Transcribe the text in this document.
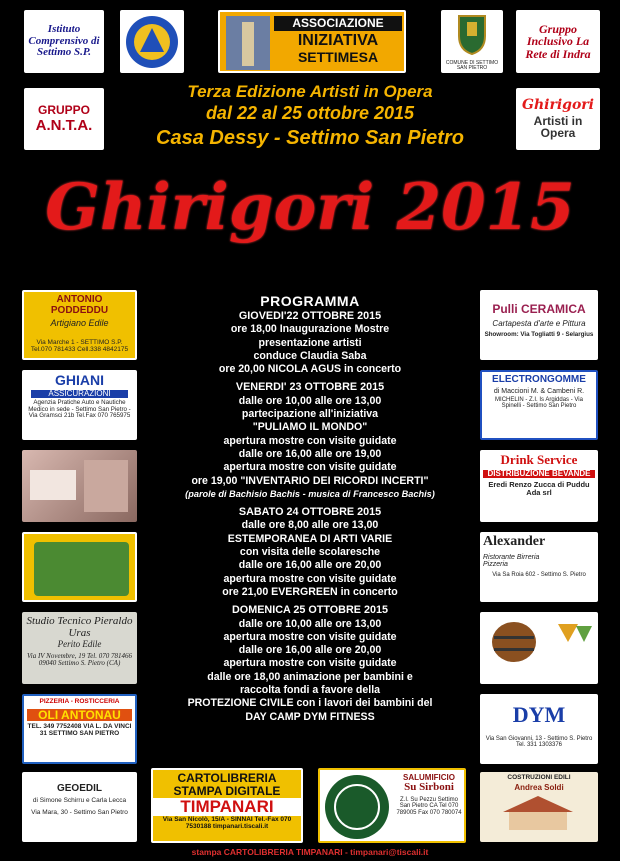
Istituto Comprensivo di Settimo S.P.
ASSOCIAZIONE
INIZIATIVA
SETTIMESA	COMUNE DI SETTIMO SAN PIETRO
Gruppo Inclusivo La Rete di Indra
GRUPPO
A.N.T.A.
Ghirigori
Artisti in Opera
Terza Edizione Artisti in Opera
dal 22 al 25 ottobre 2015
Casa Dessy - Settimo San Pietro
Ghirigori 2015
ANTONIO PODDEDDU
Artigiano Edile
Via Marche 1 - SETTIMO S.P. Tel.070 781433 Cell.338 4842175
GHIANI
ASSICURAZIONI
Agenzia Pratiche Auto e Nautiche Medico in sede - Settimo San Pietro - Via Gramsci 21b Tel.Fax 070 765975
Studio Tecnico Pieraldo Uras
Perito Edile
Via IV Novembre, 19 Tel. 070 781466 09040 Settimo S. Pietro (CA)
PIZZERIA - ROSTICCERIA
OLI ANTONAU
TEL. 349 7752408 VIA L. DA VINCI 31 SETTIMO SAN PIETRO
GEOEDIL
di Simone Schirru e Carla Lecca
Via Mara, 30 - Settimo San Pietro
Pulli CERAMICA
Cartapesta d'arte e Pittura
Showroom: Via Togliatti 9 - Selargius
ELECTRONGOMME
di Maccioni M. & Cambeni R.
MICHELIN - Z.I. Is Argiddas - Via Spinelli - Settimo San Pietro
Drink Service
DISTRIBUZIONE BEVANDE
Eredi Renzo Zucca di Puddu Ada srl
Alexander
Ristorante Birreria Pizzeria
Via Sa Roia 602 - Settimo S. Pietro
DYM
Via San Giovanni, 13 - Settimo S. Pietro Tel. 331 1303376
COSTRUZIONI EDILI
Andrea Soldi
CARTOLIBRERIA
STAMPA DIGITALE
TIMPANARI
Via San Nicolò, 15/A - SINNAI Tel.-Fax 070 7530188 timpanari.tiscali.it
SALUMIFICIO
Su Sirboni
Z.I. Su Pezzu Settimo San Pietro CA Tel 070 789005 Fax 070 780074
PROGRAMMA
GIOVEDI'22 OTTOBRE 2015
ore 18,00 Inaugurazione Mostre
presentazione artisti
conduce Claudia Saba
ore 20,00 NICOLA AGUS in concerto
VENERDI' 23 OTTOBRE 2015
dalle ore 10,00 alle ore 13,00
partecipazione all'iniziativa
"PULIAMO IL MONDO"
apertura mostre con visite guidate
dalle ore 16,00 alle ore 19,00
apertura mostre con visite guidate
ore 19,00 "INVENTARIO DEI RICORDI INCERTI"
(parole di Bachisio Bachis - musica di Francesco Bachis)
SABATO 24 OTTOBRE 2015
dalle ore 8,00 alle ore 13,00
ESTEMPORANEA DI ARTI VARIE
con visita delle scolaresche
dalle ore 16,00 alle ore 20,00
apertura mostre con visite guidate
ore 21,00 EVERGREEN in concerto
DOMENICA 25 OTTOBRE 2015
dalle ore 10,00 alle ore 13,00
apertura mostre con visite guidate
dalle ore 16,00 alle ore 20,00
apertura mostre con visite guidate
dalle ore 18,00 animazione per bambini e
raccolta fondi a favore della
PROTEZIONE CIVILE con i lavori dei bambini del
DAY CAMP DYM FITNESS
stampa CARTOLIBRERIA TIMPANARI - timpanari@tiscali.it
